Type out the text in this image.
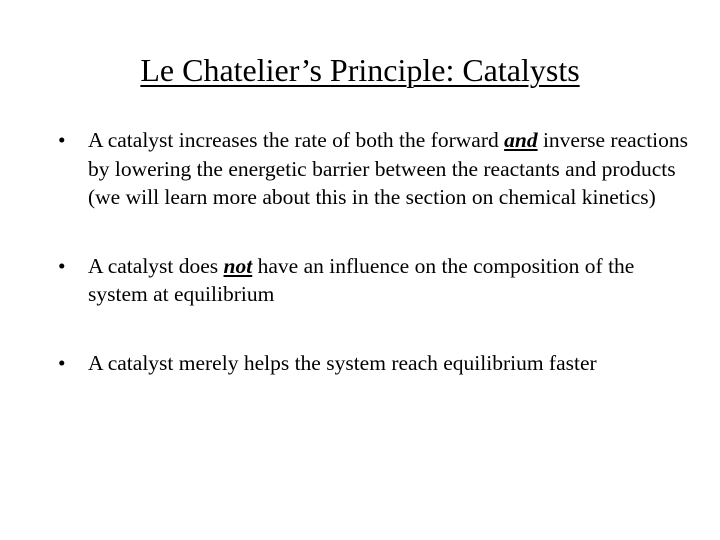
Le Chatelier’s Principle: Catalysts
• A catalyst increases the rate of both the forward and inverse reactions by lowering the energetic barrier between the reactants and products (we will learn more about this in the section on chemical kinetics)
• A catalyst does not have an influence on the composition of the system at equilibrium
• A catalyst merely helps the system reach equilibrium faster
